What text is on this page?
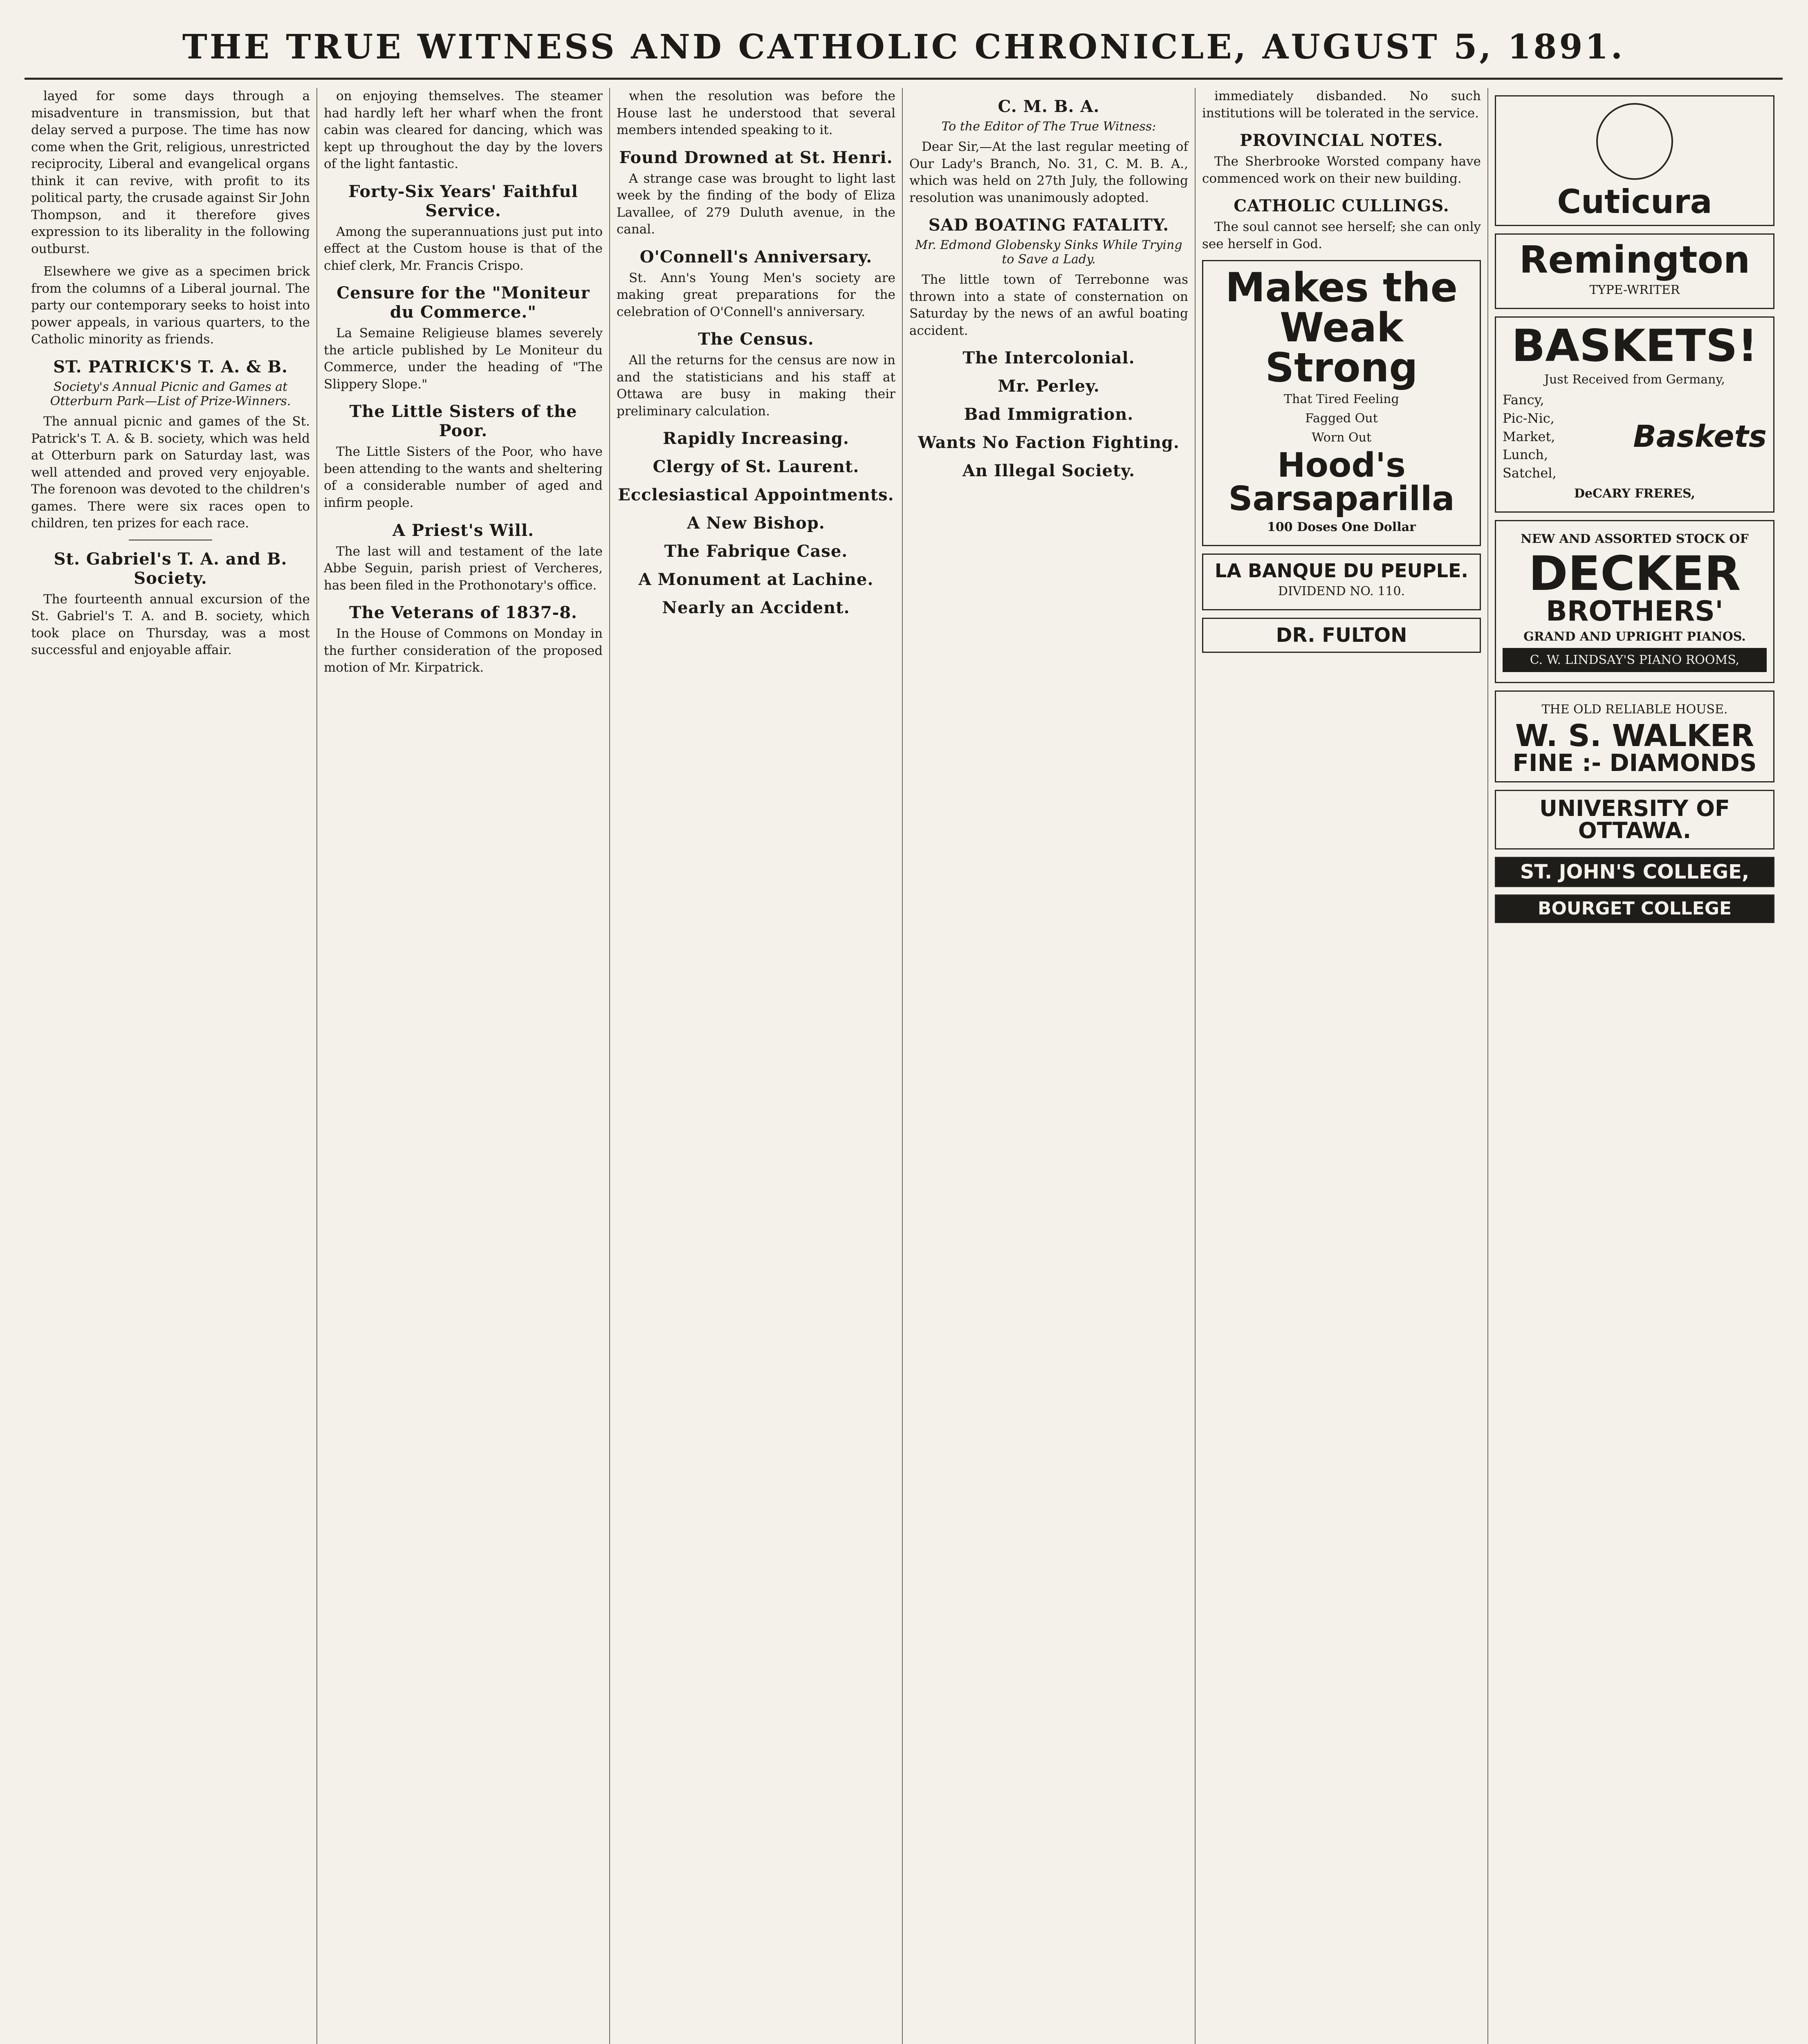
THE TRUE WITNESS AND CATHOLIC CHRONICLE, AUGUST 5, 1891.

layed for some days through a misadventure in transmission, but that delay served a purpose. The time has now come when the Grit, religious, unrestricted reciprocity, Liberal and evangelical organs think it can revive, with profit to its political party, the crusade against Sir John Thompson, and it therefore gives expression to its liberality in the following outburst.

Elsewhere we give as a specimen brick from the columns of a Liberal journal. The party our contemporary seeks to hoist into power appeals, in various quarters, to the Catholic minority as friends.

ST. PATRICK'S T. A. & B.
Society's Annual Picnic and Games at Otterburn Park—List of Prize-Winners.

The annual picnic and games of the St. Patrick's T. A. & B. society, which was held at Otterburn park on Saturday last, was well attended and proved very enjoyable. The forenoon was devoted to the children's games. There were six races open to children, ten prizes for each race.

St. Gabriel's T. A. and B. Society.

The fourteenth annual excursion of the St. Gabriel's T. A. and B. society, which took place on Thursday, was a most successful and enjoyable affair.

on enjoying themselves. The steamer had hardly left her wharf when the front cabin was cleared for dancing, which was kept up throughout the day by the lovers of the light fantastic.

Forty-Six Years' Faithful Service.

Among the superannuations just put into effect at the Custom house is that of the chief clerk, Mr. Francis Crispo.

Censure for the "Moniteur du Commerce."

La Semaine Religieuse blames severely the article published by Le Moniteur du Commerce, under the heading of "The Slippery Slope."

The Little Sisters of the Poor.

The Little Sisters of the Poor, who have been attending to the wants and sheltering of a considerable number of aged and infirm people.

A Priest's Will.

The last will and testament of the late Abbe Seguin, parish priest of Vercheres, has been filed in the Prothonotary's office.

The Veterans of 1837-8.

In the House of Commons on Monday in the further consideration of the proposed motion of Mr. Kirpatrick.

when the resolution was before the House last he understood that several members intended speaking to it.

Found Drowned at St. Henri.

A strange case was brought to light last week by the finding of the body of Eliza Lavallee, of 279 Duluth avenue, in the canal.

O'Connell's Anniversary.

St. Ann's Young Men's society are making great preparations for the celebration of O'Connell's anniversary.

The Census.

All the returns for the census are now in and the statisticians and his staff at Ottawa are busy in making their preliminary calculation.

Rapidly Increasing.
Clergy of St. Laurent.
Ecclesiastical Appointments.
A New Bishop.
The Fabrique Case.
A Monument at Lachine.
Nearly an Accident.
C. M. B. A.
To the Editor of The True Witness:

Dear Sir,—At the last regular meeting of Our Lady's Branch, No. 31, C. M. B. A., which was held on 27th July, the following resolution was unanimously adopted.

SAD BOATING FATALITY.
Mr. Edmond Globensky Sinks While Trying to Save a Lady.

The little town of Terrebonne was thrown into a state of consternation on Saturday by the news of an awful boating accident.

The Intercolonial.
Mr. Perley.
Bad Immigration.
Wants No Faction Fighting.
An Illegal Society.

immediately disbanded. No such institutions will be tolerated in the service.

PROVINCIAL NOTES.

The Sherbrooke Worsted company have commenced work on their new building.

CATHOLIC CULLINGS.

The soul cannot see herself; she can only see herself in God.

Makes the Weak Strong
That Tired Feeling
Fagged Out
Worn Out
Hood's Sarsaparilla
100 Doses One Dollar
LA BANQUE DU PEUPLE.
DIVIDEND NO. 110.
DR. FULTON
Cuticura
Remington
TYPE-WRITER
BASKETS!
Just Received from Germany,
Fancy,
Pic-Nic,
Market,
Lunch,
Satchel,
Baskets
DeCARY FRERES,
NEW AND ASSORTED STOCK OF
DECKER
BROTHERS'
GRAND AND UPRIGHT PIANOS.
C. W. LINDSAY'S PIANO ROOMS,
THE OLD RELIABLE HOUSE.
W. S. WALKER
FINE :- DIAMONDS
UNIVERSITY OF OTTAWA.
ST. JOHN'S COLLEGE,
BOURGET COLLEGE
